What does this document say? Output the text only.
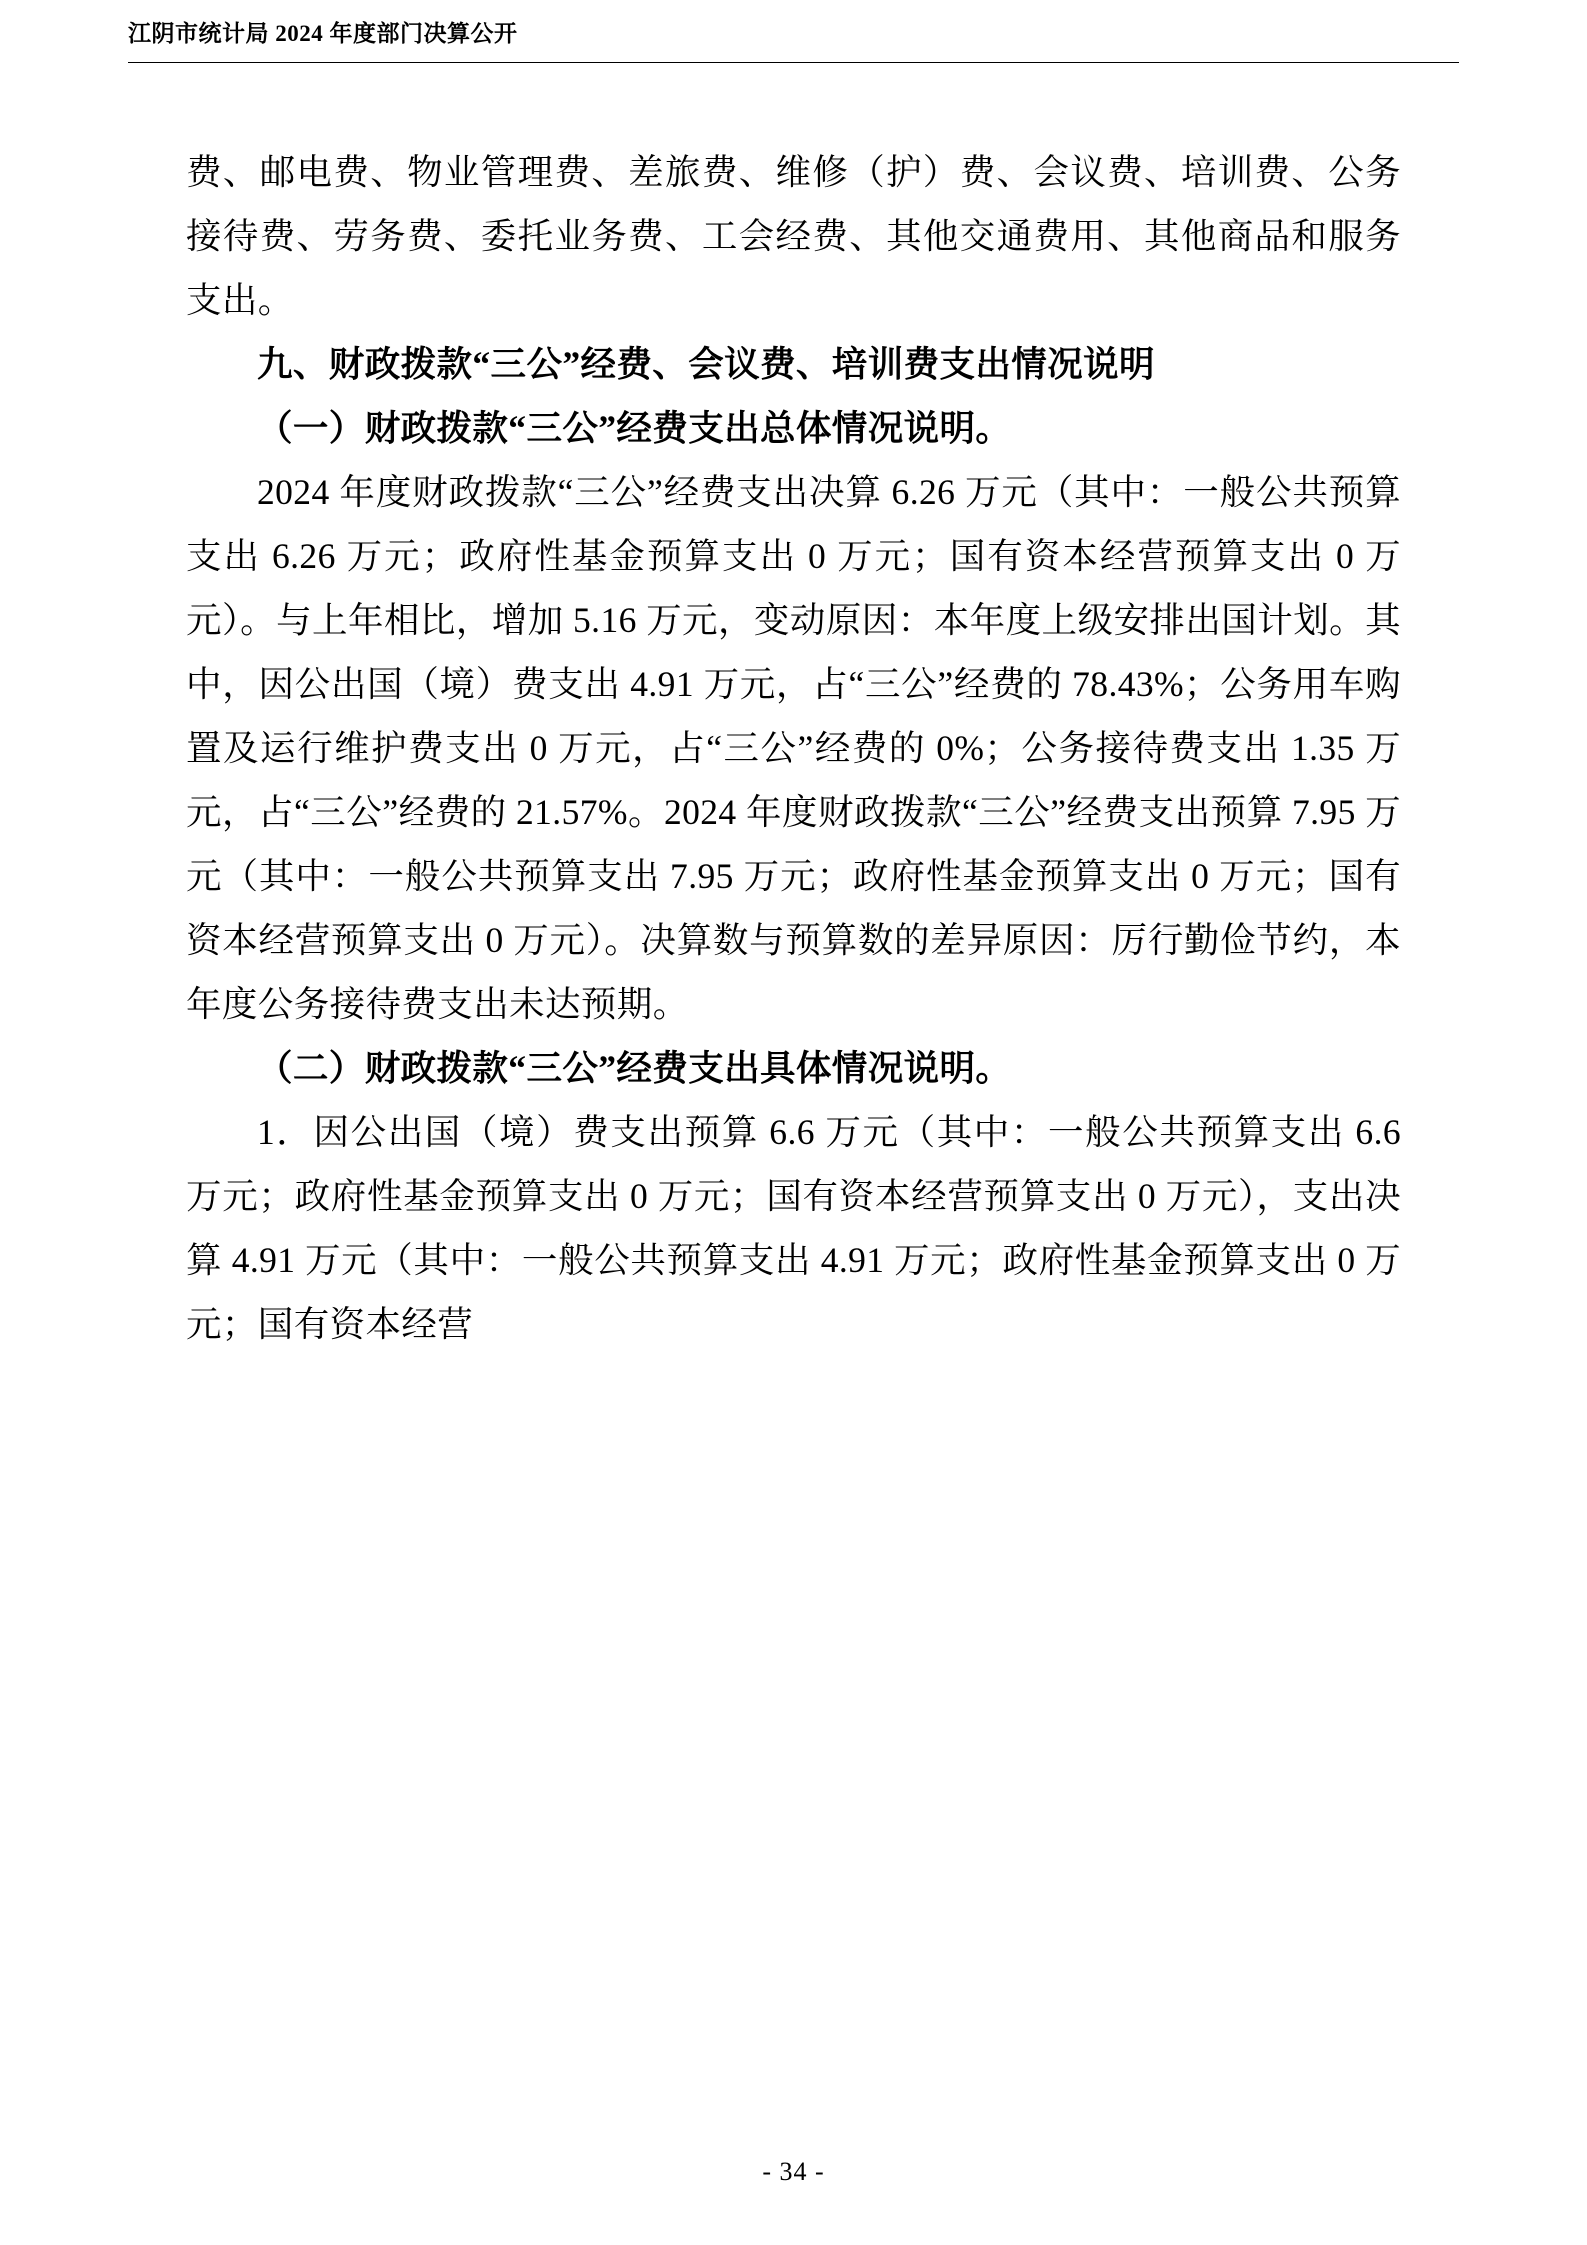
江阴市统计局 2024 年度部门决算公开

费、邮电费、物业管理费、差旅费、维修（护）费、会议费、培训费、公务接待费、劳务费、委托业务费、工会经费、其他交通费用、其他商品和服务支出。

九、财政拨款“三公”经费、会议费、培训费支出情况说明

（一）财政拨款“三公”经费支出总体情况说明。

2024 年度财政拨款“三公”经费支出决算 6.26 万元（其中：一般公共预算支出 6.26 万元；政府性基金预算支出 0 万元；国有资本经营预算支出 0 万元）。与上年相比，增加 5.16 万元，变动原因：本年度上级安排出国计划。其中，因公出国（境）费支出 4.91 万元，占“三公”经费的 78.43%；公务用车购置及运行维护费支出 0 万元，占“三公”经费的 0%；公务接待费支出 1.35 万元，占“三公”经费的 21.57%。2024 年度财政拨款“三公”经费支出预算 7.95 万元（其中：一般公共预算支出 7.95 万元；政府性基金预算支出 0 万元；国有资本经营预算支出 0 万元）。决算数与预算数的差异原因：厉行勤俭节约，本年度公务接待费支出未达预期。

（二）财政拨款“三公”经费支出具体情况说明。

1．因公出国（境）费支出预算 6.6 万元（其中：一般公共预算支出 6.6 万元；政府性基金预算支出 0 万元；国有资本经营预算支出 0 万元），支出决算 4.91 万元（其中：一般公共预算支出 4.91 万元；政府性基金预算支出 0 万元；国有资本经营

- 34 -
